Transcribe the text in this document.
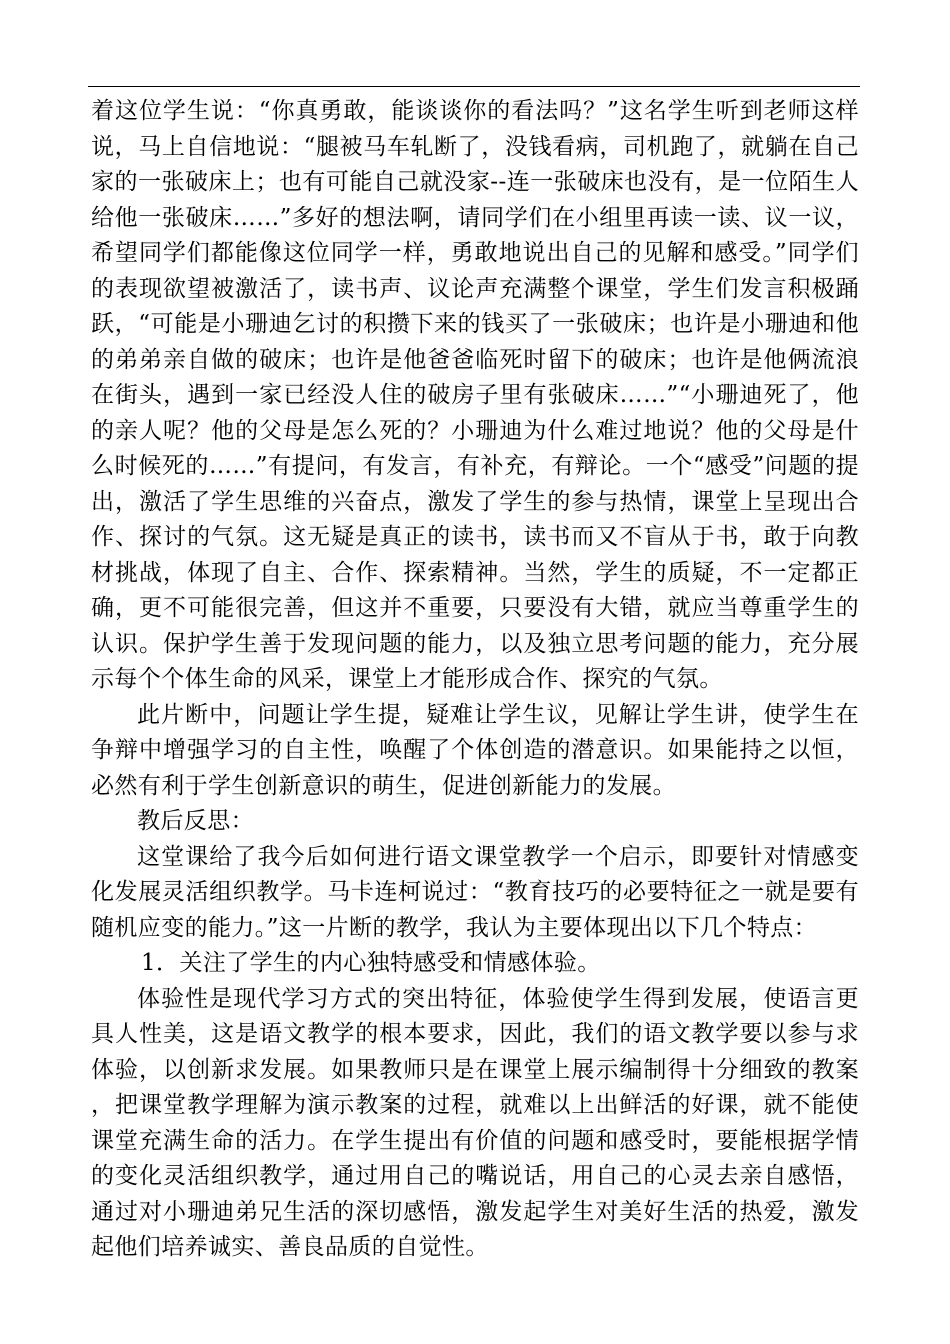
着这位学生说：“你真勇敢，能谈谈你的看法吗？”这名学生听到老师这样说，马上自信地说：“腿被马车轧断了，没钱看病，司机跑了，就躺在自己家的一张破床上；也有可能自己就没家--连一张破床也没有，是一位陌生人给他一张破床……”多好的想法啊，请同学们在小组里再读一读、议一议，希望同学们都能像这位同学一样，勇敢地说出自己的见解和感受。”同学们的表现欲望被激活了，读书声、议论声充满整个课堂，学生们发言积极踊跃，“可能是小珊迪乞讨的积攒下来的钱买了一张破床；也许是小珊迪和他的弟弟亲自做的破床；也许是他爸爸临死时留下的破床；也许是他俩流浪在街头，遇到一家已经没人住的破房子里有张破床……”“小珊迪死了，他的亲人呢？他的父母是怎么死的？小珊迪为什么难过地说？他的父母是什么时候死的……”有提问，有发言，有补充，有辩论。一个“感受”问题的提出，激活了学生思维的兴奋点，激发了学生的参与热情，课堂上呈现出合作、探讨的气氛。这无疑是真正的读书，读书而又不盲从于书，敢于向教材挑战，体现了自主、合作、探索精神。当然，学生的质疑，不一定都正确，更不可能很完善，但这并不重要，只要没有大错，就应当尊重学生的认识。保护学生善于发现问题的能力，以及独立思考问题的能力，充分展示每个个体生命的风采，课堂上才能形成合作、探究的气氛。

此片断中，问题让学生提，疑难让学生议，见解让学生讲，使学生在争辩中增强学习的自主性，唤醒了个体创造的潜意识。如果能持之以恒，必然有利于学生创新意识的萌生，促进创新能力的发展。

教后反思：

这堂课给了我今后如何进行语文课堂教学一个启示，即要针对情感变化发展灵活组织教学。马卡连柯说过：“教育技巧的必要特征之一就是要有随机应变的能力。”这一片断的教学，我认为主要体现出以下几个特点：

1．关注了学生的内心独特感受和情感体验。

体验性是现代学习方式的突出特征，体验使学生得到发展，使语言更具人性美，这是语文教学的根本要求，因此，我们的语文教学要以参与求体验，以创新求发展。如果教师只是在课堂上展示编制得十分细致的教案，把课堂教学理解为演示教案的过程，就难以上出鲜活的好课，就不能使课堂充满生命的活力。在学生提出有价值的问题和感受时，要能根据学情的变化灵活组织教学，通过用自己的嘴说话，用自己的心灵去亲自感悟，通过对小珊迪弟兄生活的深切感悟，激发起学生对美好生活的热爱，激发起他们培养诚实、善良品质的自觉性。
